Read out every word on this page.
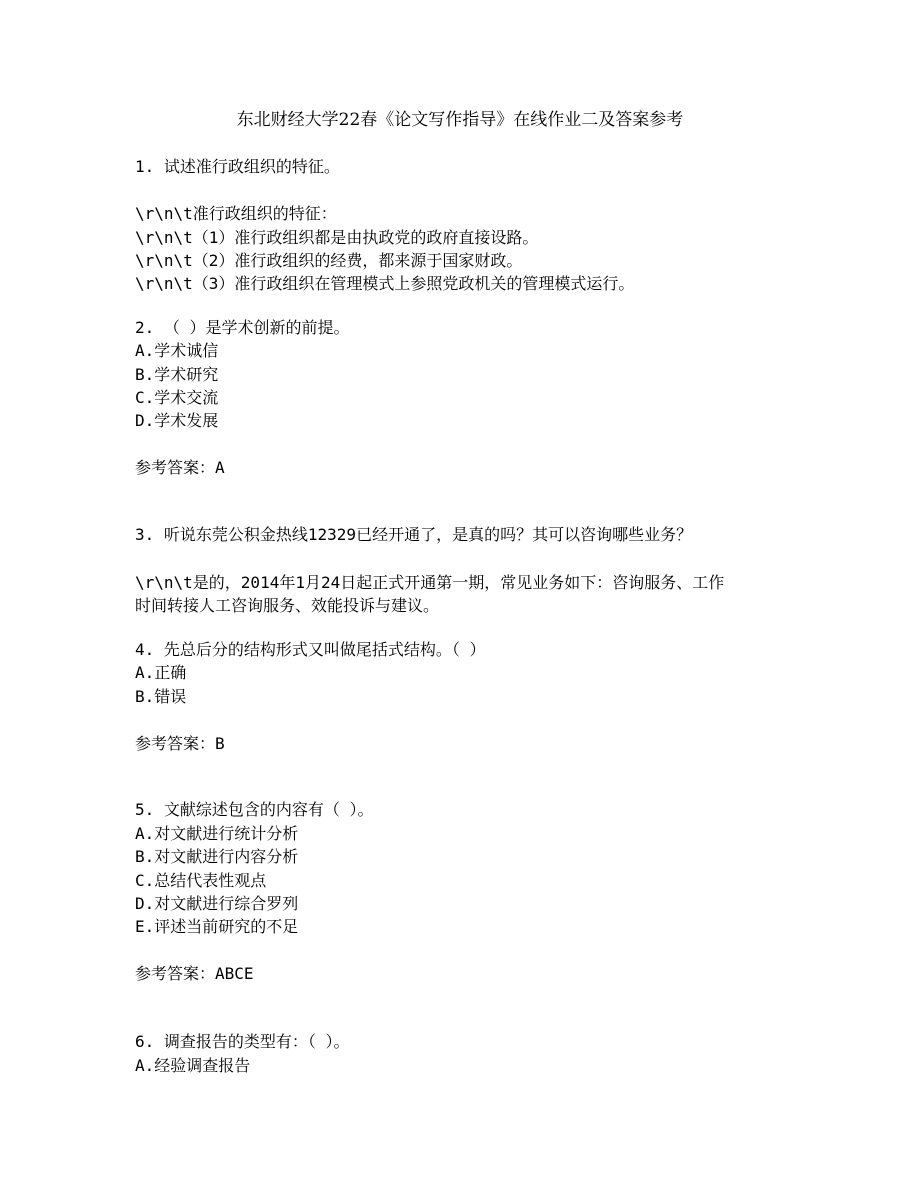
东北财经大学22春《论文写作指导》在线作业二及答案参考
1. 试述准行政组织的特征。
\r\n\t准行政组织的特征：
\r\n\t（1）准行政组织都是由执政党的政府直接设路。
\r\n\t（2）准行政组织的经费，都来源于国家财政。
\r\n\t（3）准行政组织在管理模式上参照党政机关的管理模式运行。
2. （ ）是学术创新的前提。
A.学术诚信
B.学术研究
C.学术交流
D.学术发展
参考答案：A
3. 听说东莞公积金热线12329已经开通了，是真的吗？其可以咨询哪些业务？
\r\n\t是的，2014年1月24日起正式开通第一期，常见业务如下：咨询服务、工作
时间转接人工咨询服务、效能投诉与建议。
4. 先总后分的结构形式又叫做尾括式结构。（ ）
A.正确
B.错误
参考答案：B
5. 文献综述包含的内容有（ ）。
A.对文献进行统计分析
B.对文献进行内容分析
C.总结代表性观点
D.对文献进行综合罗列
E.评述当前研究的不足
参考答案：ABCE
6. 调查报告的类型有：（ ）。
A.经验调查报告
